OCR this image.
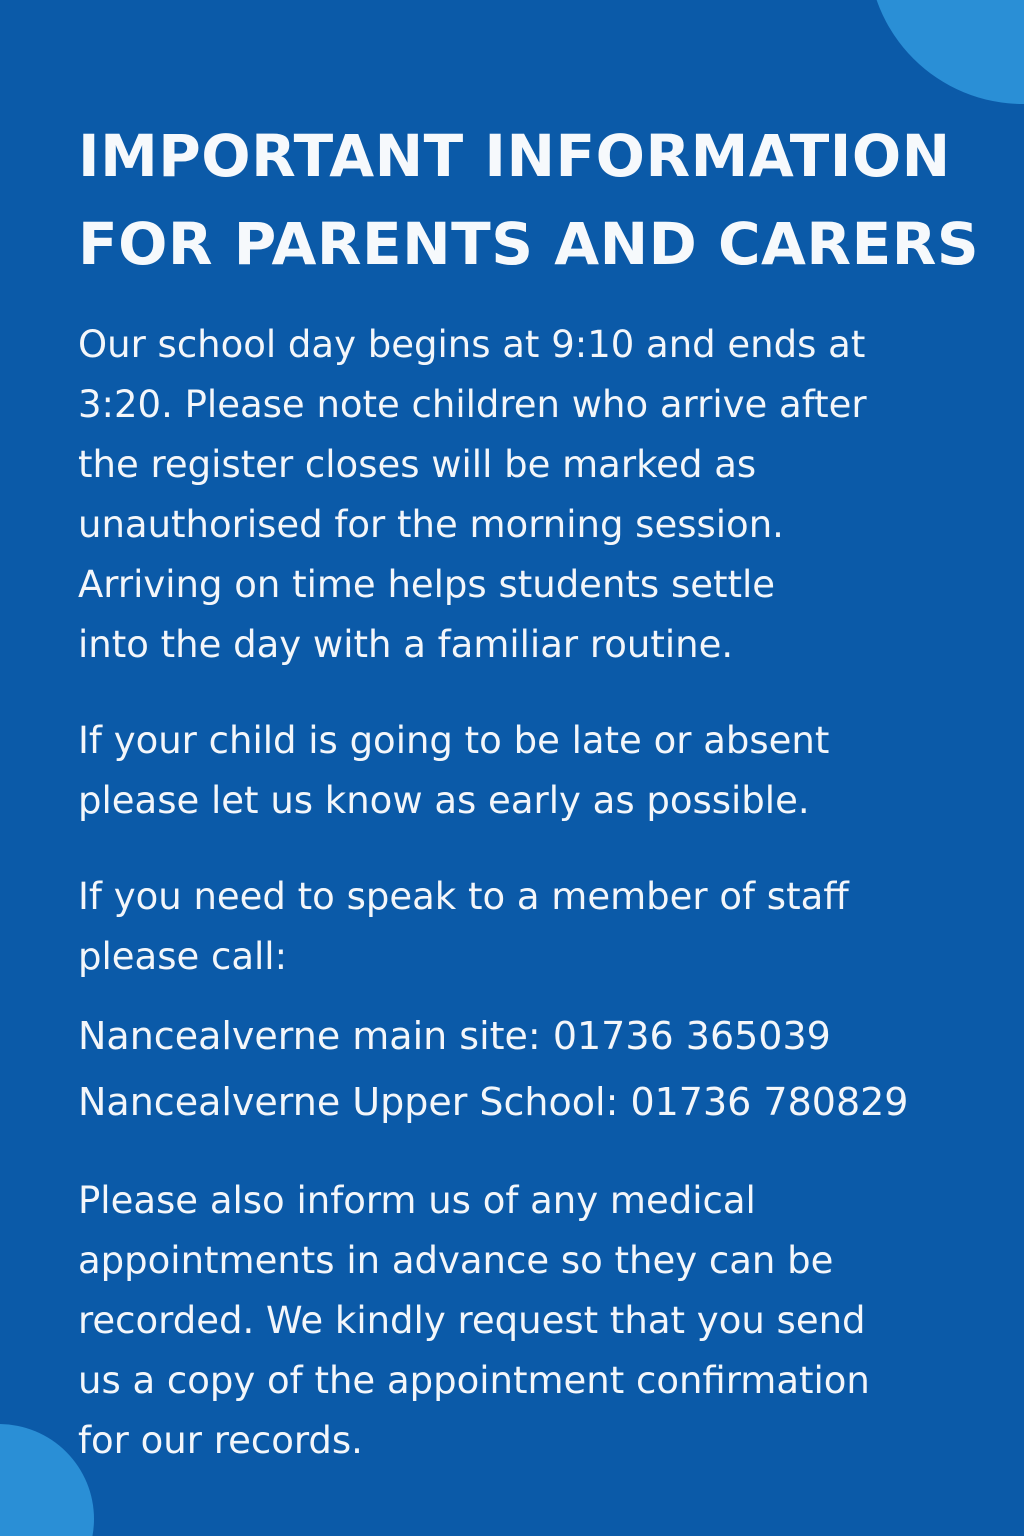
IMPORTANT INFORMATION
FOR PARENTS AND CARERS

Our school day begins at 9:10 and ends at
3:20. Please note children who arrive after
the register closes will be marked as
unauthorised for the morning session.
Arriving on time helps students settle
into the day with a familiar routine.

If your child is going to be late or absent
please let us know as early as possible.

If you need to speak to a member of staff
please call:

Nancealverne main site: 01736 365039
Nancealverne Upper School: 01736 780829

Please also inform us of any medical
appointments in advance so they can be
recorded. We kindly request that you send
us a copy of the appointment confirmation
for our records.
